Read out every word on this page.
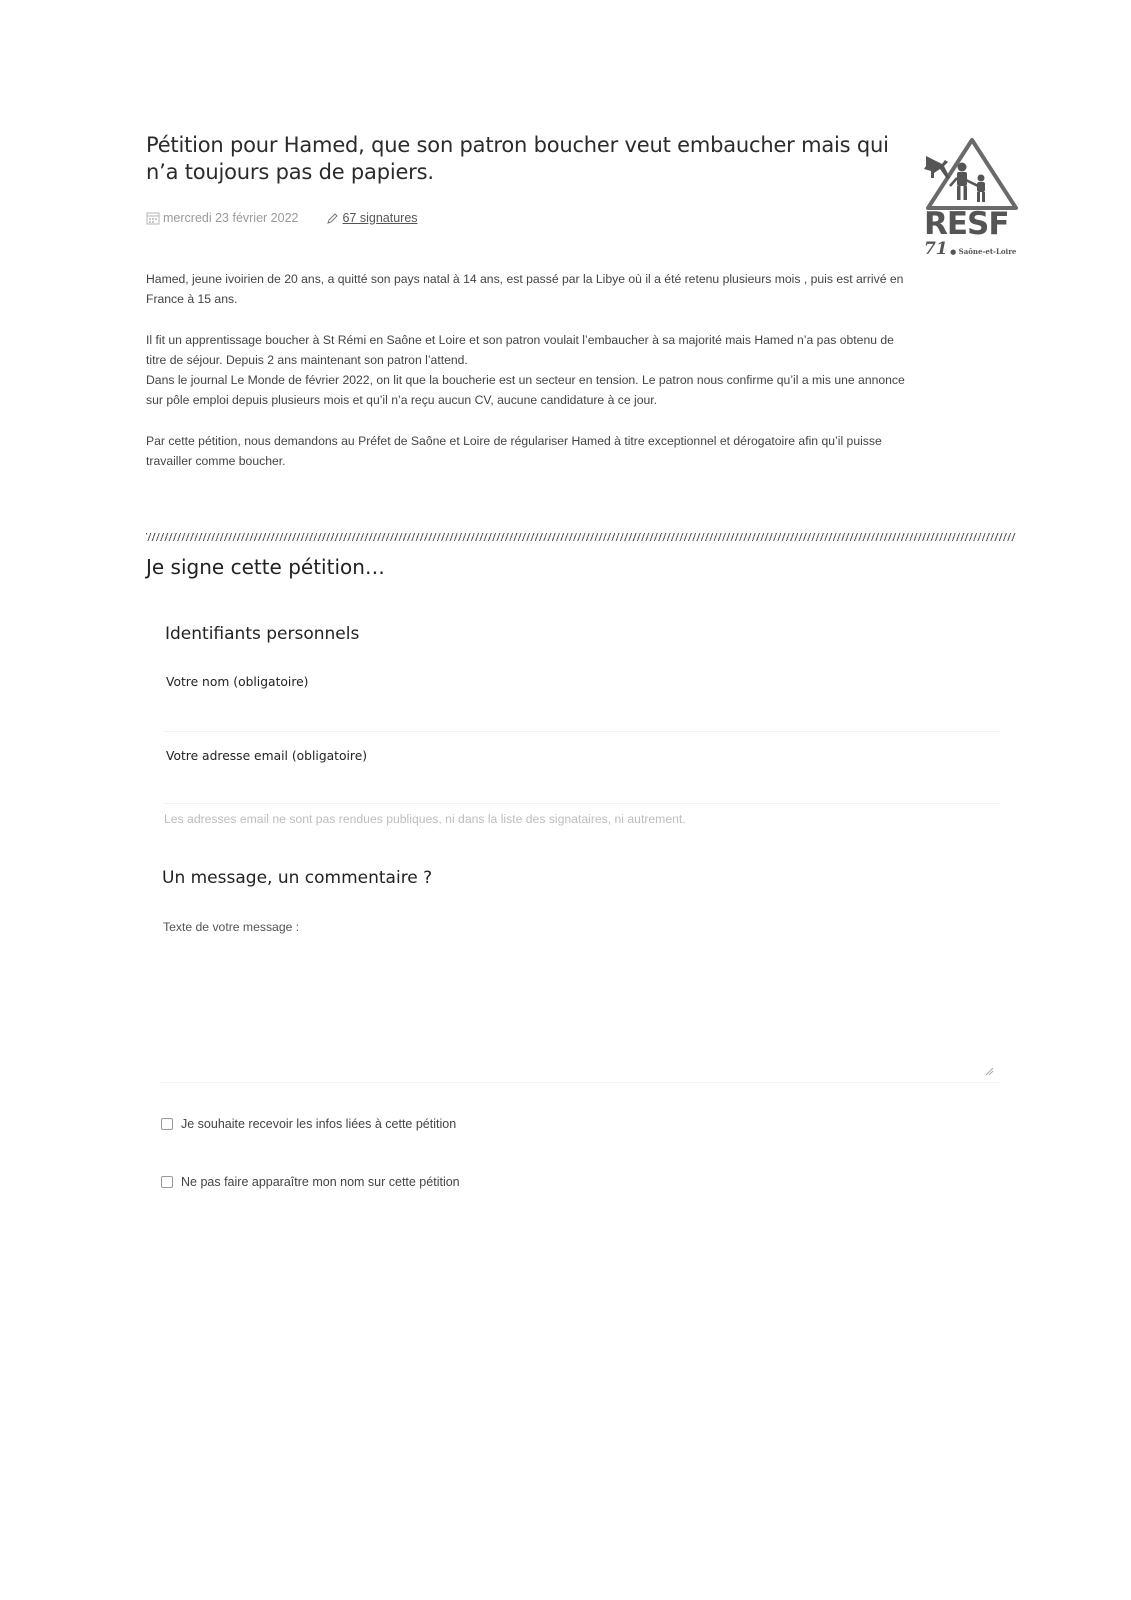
Pétition pour Hamed, que son patron boucher veut embaucher mais qui n’a toujours pas de papiers.
mercredi 23 février 2022	67 signatures	RESF
71 ● Saône-et-Loire

Hamed, jeune ivoirien de 20 ans, a quitté son pays natal à 14 ans, est passé par la Libye où il a été retenu plusieurs mois , puis est arrivé en France à 15 ans.

Il fit un apprentissage boucher à St Rémi en Saône et Loire et son patron voulait l’embaucher à sa majorité mais Hamed n’a pas obtenu de titre de séjour. Depuis 2 ans maintenant son patron l’attend.
Dans le journal Le Monde de février 2022, on lit que la boucherie est un secteur en tension. Le patron nous confirme qu’il a mis une annonce sur pôle emploi depuis plusieurs mois et qu’il n’a reçu aucun CV, aucune candidature à ce jour.

Par cette pétition, nous demandons au Préfet de Saône et Loire de régulariser Hamed à titre exceptionnel et dérogatoire afin qu’il puisse travailler comme boucher.

Je signe cette pétition…
Identifiants personnels
Votre nom (obligatoire)
Votre adresse email (obligatoire)
Les adresses email ne sont pas rendues publiques, ni dans la liste des signataires, ni autrement.
Un message, un commentaire ?
Texte de votre message :
Je souhaite recevoir les infos liées à cette pétition
Ne pas faire apparaître mon nom sur cette pétition
